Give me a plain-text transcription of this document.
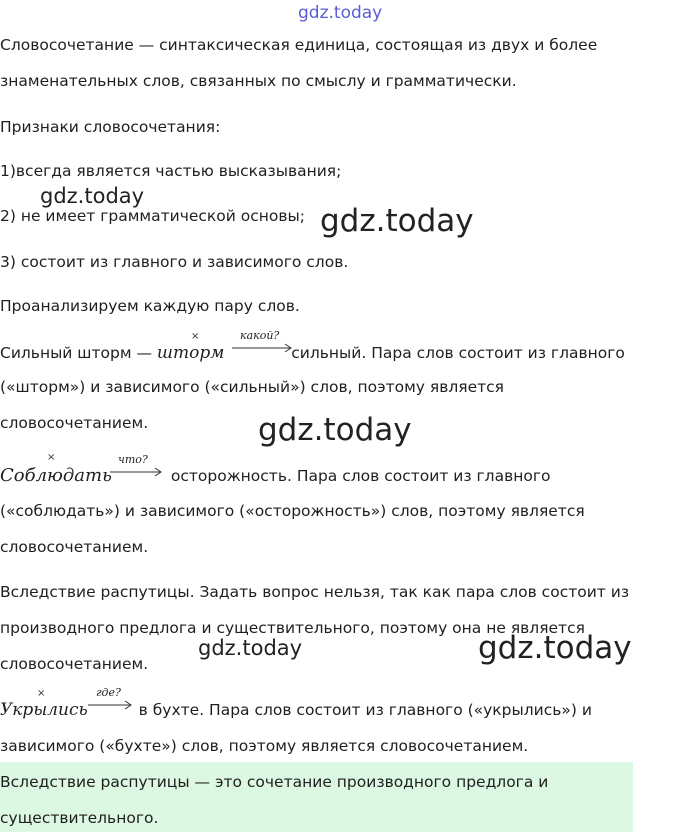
gdz.today
Словосочетание — синтаксическая единица, состоящая из двух и более
знаменательных слов, связанных по смыслу и грамматически.
Признаки словосочетания:
1)всегда является частью высказывания;
2) не имеет грамматической основы;
3) состоит из главного и зависимого слов.
Проанализируем каждую пару слов.
Сильный шторм — шторм	сильный. Пара слов состоит из главного
×	какой?
(«шторм») и зависимого («сильный») слов, поэтому является
словосочетанием.
gdz.today
gdz.today
gdz.today
Соблюдать	осторожность. Пара слов состоит из главного
×	что?
(«соблюдать») и зависимого («осторожность») слов, поэтому является
словосочетанием.
Вследствие распутицы. Задать вопрос нельзя, так как пара слов состоит из
производного предлога и существительного, поэтому она не является
словосочетанием.
gdz.today	gdz.today
Укрылись	в бухте. Пара слов состоит из главного («укрылись») и
×	где?
зависимого («бухте») слов, поэтому является словосочетанием.
Вследствие распутицы — это сочетание производного предлога и
существительного.
